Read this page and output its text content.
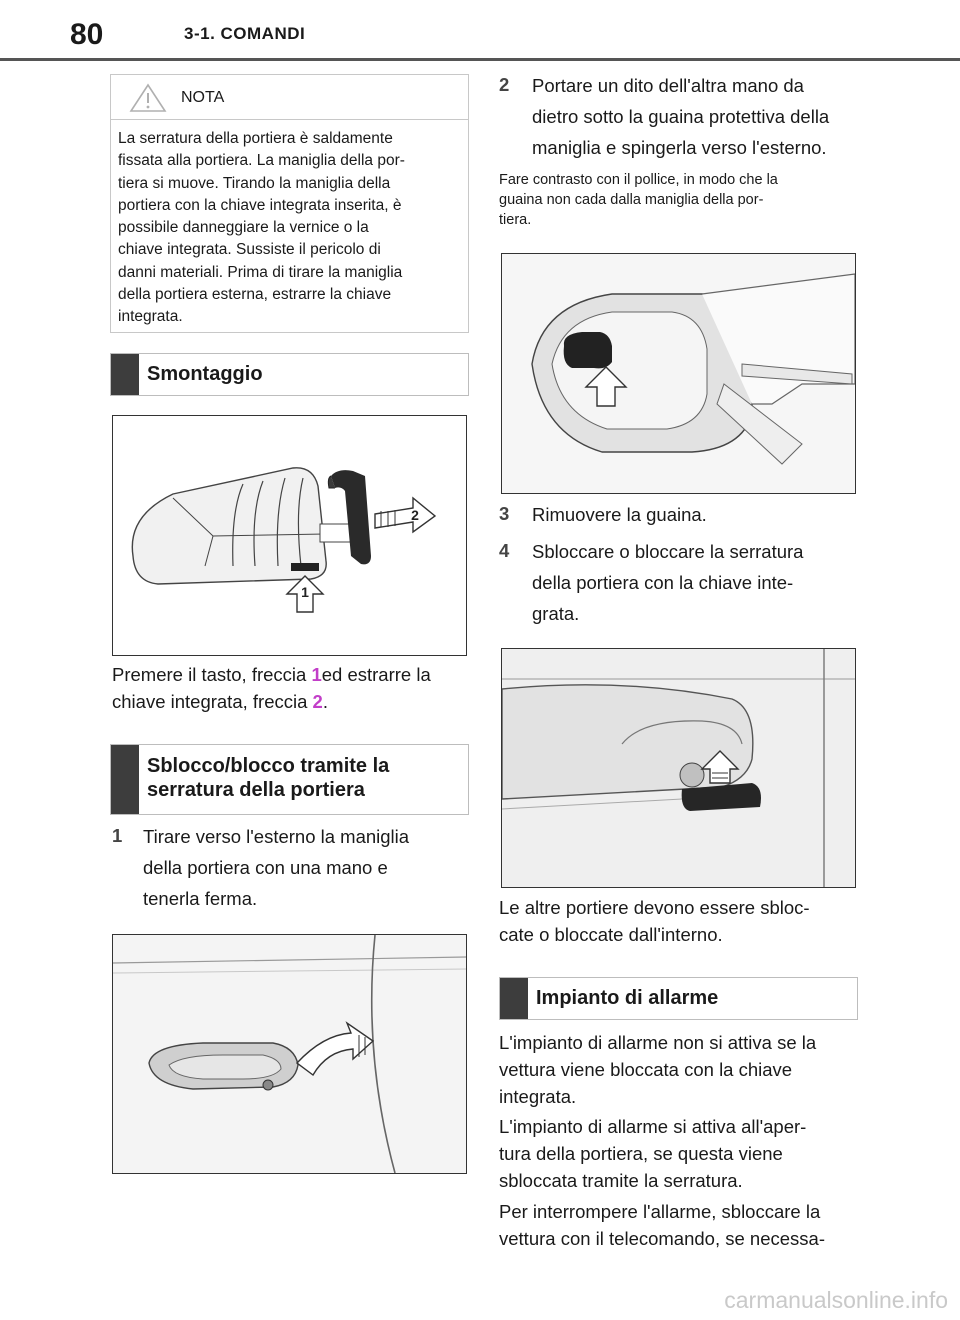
80	3-1. COMANDI
NOTA
La serratura della portiera è saldamente
fissata alla portiera. La maniglia della por-
tiera si muove. Tirando la maniglia della
portiera con la chiave integrata inserita, è
possibile danneggiare la vernice o la
chiave integrata. Sussiste il pericolo di
danni materiali. Prima di tirare la maniglia
della portiera esterna, estrarre la chiave
integrata.
Smontaggio
1
2
Premere il tasto, freccia 1ed estrarre la
chiave integrata, freccia 2.
Sblocco/blocco tramite la
serratura della portiera
1 Tirare verso l'esterno la maniglia
della portiera con una mano e
tenerla ferma.
2 Portare un dito dell'altra mano da
dietro sotto la guaina protettiva della
maniglia e spingerla verso l'esterno.
Fare contrasto con il pollice, in modo che la
guaina non cada dalla maniglia della por-
tiera.
3 Rimuovere la guaina.
4 Sbloccare o bloccare la serratura
della portiera con la chiave inte-
grata.
Le altre portiere devono essere sbloc-
cate o bloccate dall'interno.
Impianto di allarme
L'impianto di allarme non si attiva se la
vettura viene bloccata con la chiave
integrata.
L'impianto di allarme si attiva all'aper-
tura della portiera, se questa viene
sbloccata tramite la serratura.
Per interrompere l'allarme, sbloccare la
vettura con il telecomando, se necessa-
carmanualsonline.info
